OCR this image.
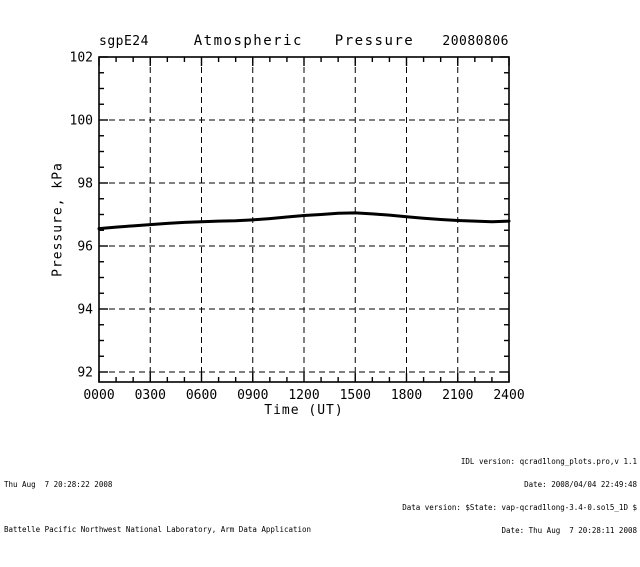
sgpE24	Atmospheric  Pressure	20080806
Pressure, kPa
92
94
96
98
100
102
0000 0300 0600 0900 1200 1500 1800 2100 2400
Time (UT)

Thu Aug  7 20:28:22 2008

Battelle Pacific Northwest National Laboratory, Arm Data Application

IDL version: qcrad1long_plots.pro,v 1.1

Date: 2008/04/04 22:49:48

Data version: $State: vap-qcrad1long-3.4-0.sol5_1D $

Date: Thu Aug  7 20:28:11 2008
